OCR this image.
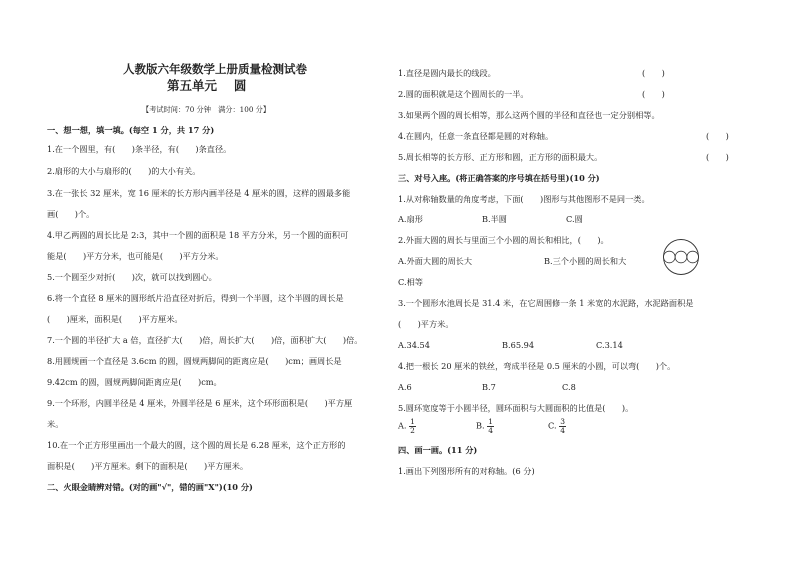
人教版六年级数学上册质量检测试卷
第五单元　 圆
【考试时间：70 分钟　满分：100 分】
一、想一想，填一填。(每空 1 分，共 17 分)
1.在一个圆里，有(　　)条半径，有(　　)条直径。
2.扇形的大小与扇形的(　　)的大小有关。
3.在一张长 32 厘米，宽 16 厘米的长方形内画半径是 4 厘米的圆，这样的圆最多能
画(　　)个。
4.甲乙两圆的周长比是 2:3，其中一个圆的面积是 18 平方分米，另一个圆的面积可
能是(　　)平方分米，也可能是(　　)平方分米。
5.一个圆至少对折(　　)次，就可以找到圆心。
6.将一个直径 8 厘米的圆形纸片沿直径对折后，得到一个半圆，这个半圆的周长是
(　　)厘米，面积是(　　)平方厘米。
7.一个圆的半径扩大 a 倍，直径扩大(　　)倍，周长扩大(　　)倍，面积扩大(　　)倍。
8.用圆规画一个直径是 3.6cm 的圆，圆规两脚间的距离应是(　　)cm；画周长是
9.42cm 的圆，圆规两脚间距离应是(　　)cm。
9.一个环形，内圆半径是 4 厘米，外圆半径是 6 厘米，这个环形面积是(　　)平方厘
米。
10.在一个正方形里画出一个最大的圆，这个圆的周长是 6.28 厘米，这个正方形的
面积是(　　)平方厘米。剩下的面积是(　　)平方厘米。
二、火眼金睛辨对错。(对的画"√"，错的画"X")(10 分)
1.直径是圆内最长的线段。	(　　)
2.圆的面积就是这个圆周长的一半。	(　　)
3.如果两个圆的周长相等，那么这两个圆的半径和直径也一定分别相等。
4.在圆内，任意一条直径都是圆的对称轴。	(　　)
5.周长相等的长方形、正方形和圆，正方形的面积最大。	(　　)
三、对号入座。(将正确答案的序号填在括号里)(10 分)
1.从对称轴数量的角度考虑，下面(　　)图形与其他图形不是同一类。
A.扇形	B.半圆	C.圆
2.外面大圆的周长与里面三个小圆的周长和相比，(　　)。
A.外面大圆的周长大	B.三个小圆的周长和大
C.相等
3.一个圆形水池周长是 31.4 米，在它周围修一条 1 米宽的水泥路，水泥路面积是
(　　)平方米。
A.34.54	B.65.94	C.3.14
4.把一根长 20 厘米的铁丝，弯成半径是 0.5 厘米的小圆，可以弯(　　)个。
A.6	B.7	C.8
5.圆环宽度等于小圆半径，圆环面积与大圆面积的比值是(　　)。
A. $\frac{1}{2}$	B. $\frac{1}{4}$	C. $\frac{3}{4}$
四、画一画。(11 分)
1.画出下列图形所有的对称轴。(6 分)
